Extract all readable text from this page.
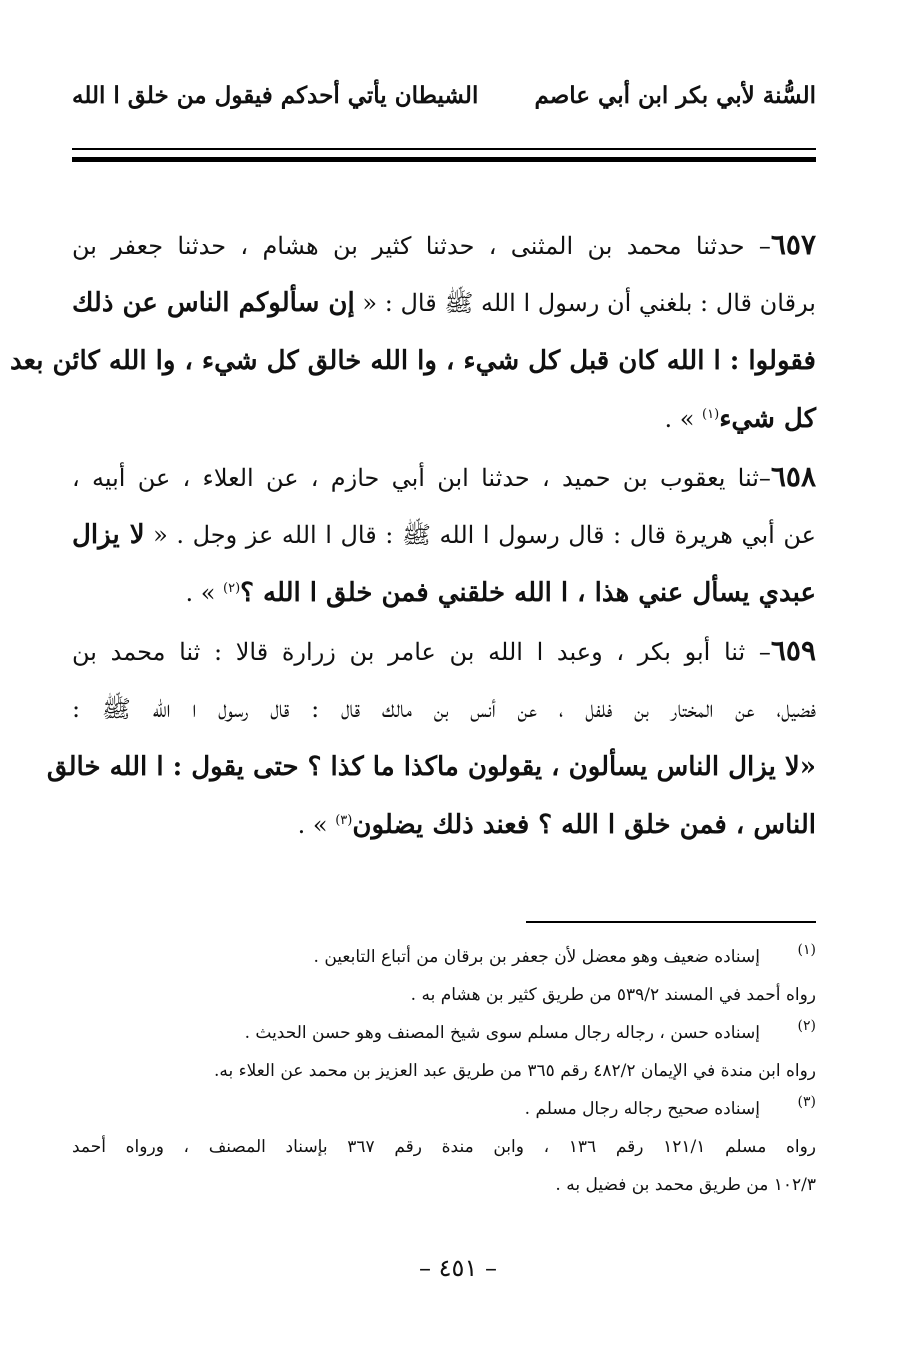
السُّنة لأبي بكر ابن أبي عاصم
الشيطان يأتي أحدكم فيقول من خلق ا الله
٦٥٧– حدثنا محمد بن المثنى ، حدثنا كثير بن هشام ، حدثنا جعفر بن
برقان قال : بلغني أن رسول ا الله ﷺ قال : « إن سألوكم الناس عن ذلك
فقولوا : ا الله كان قبل كل شيء ، وا الله خالق كل شيء ، وا الله كائن بعد
كل شيء$^{(١)}$ » .
٦٥٨–ثنا يعقوب بن حميد ، حدثنا ابن أبي حازم ، عن العلاء ، عن أبيه ،
عن أبي هريرة قال : قال رسول ا الله ﷺ : قال ا الله عز وجل . « لا يزال
عبدي يسأل عني هذا ، ا الله خلقني فمن خلق ا الله ؟$^{(٢)}$ » .
٦٥٩– ثنا أبو بكر ، وعبد ا الله بن عامر بن زرارة قالا : ثنا محمد بن
فضيل، عن المختار بن فلفل ، عن أنس بن مالك قال : قال رسول ا الله ﷺ :
«لا يزال الناس يسألون ، يقولون ماكذا ما كذا ؟ حتى يقول : ا الله خالق
الناس ، فمن خلق ا الله ؟ فعند ذلك يضلون$^{(٣)}$ » .
(١)
إسناده ضعيف وهو معضل لأن جعفر بن برقان من أتباع التابعين .
رواه أحمد في المسند ٥٣٩/٢ من طريق كثير بن هشام به .
(٢)
إسناده حسن ، رجاله رجال مسلم سوى شيخ المصنف وهو حسن الحديث .
رواه ابن مندة في الإيمان ٤٨٢/٢ رقم ٣٦٥ من طريق عبد العزيز بن محمد عن العلاء به.
(٣)
إسناده صحيح رجاله رجال مسلم .
رواه مسلم ١٢١/١ رقم ١٣٦ ، وابن مندة رقم ٣٦٧ بإسناد المصنف ، ورواه أحمد
١٠٢/٣ من طريق محمد بن فضيل به .
– ٤٥١ –
